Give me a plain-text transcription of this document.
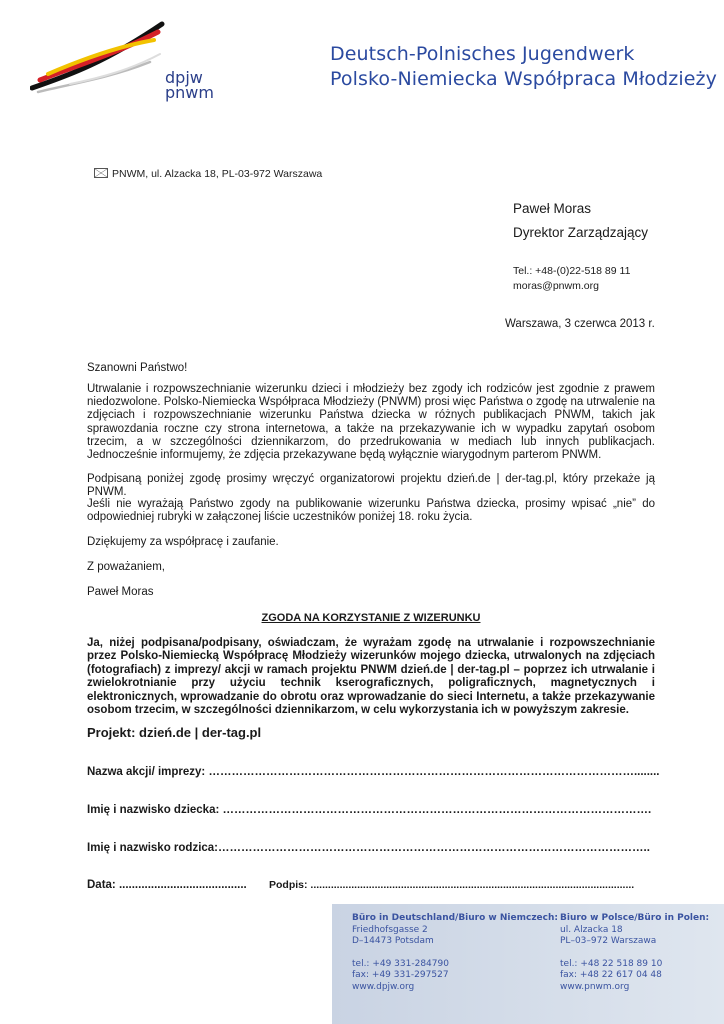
dpjw
pnwm
Deutsch-Polnisches Jugendwerk
Polsko-Niemiecka Współpraca Młodzieży
PNWM, ul. Alzacka 18, PL-03-972 Warszawa
Paweł Moras
Dyrektor Zarządzający
Tel.: +48-(0)22-518 89 11
moras@pnwm.org
Warszawa, 3 czerwca 2013 r.
Szanowni Państwo!
Utrwalanie i rozpowszechnianie wizerunku dzieci i młodzieży bez zgody ich rodziców jest zgodnie z prawem niedozwolone. Polsko-Niemiecka Współpraca Młodzieży (PNWM) prosi więc Państwa o zgodę na utrwalenie na zdjęciach i rozpowszechnianie wizerunku Państwa dziecka w różnych publikacjach PNWM, takich jak sprawozdania roczne czy strona internetowa, a także na przekazywanie ich w wypadku zapytań osobom trzecim, a w szczególności dziennikarzom, do przedrukowania w mediach lub innych publikacjach. Jednocześnie informujemy, że zdjęcia przekazywane będą wyłącznie wiarygodnym parterom PNWM.
Podpisaną poniżej zgodę prosimy wręczyć organizatorowi projektu dzień.de | der-tag.pl, który przekaże ją PNWM.
Jeśli nie wyrażają Państwo zgody na publikowanie wizerunku Państwa dziecka, prosimy wpisać „nie” do odpowiedniej rubryki w załączonej liście uczestników poniżej 18. roku życia.
Dziękujemy za współpracę i zaufanie.
Z poważaniem,
Paweł Moras
ZGODA NA KORZYSTANIE Z WIZERUNKU
Ja, niżej podpisana/podpisany, oświadczam, że wyrażam zgodę na utrwalanie i rozpowszechnianie przez Polsko-Niemiecką Współpracę Młodzieży wizerunków mojego dziecka, utrwalonych na zdjęciach (fotografiach) z imprezy/ akcji w ramach projektu PNWM dzień.de | der-tag.pl – poprzez ich utrwalanie i zwielokrotnianie przy użyciu technik kserograficznych, poligraficznych, magnetycznych i elektronicznych, wprowadzanie do obrotu oraz wprowadzanie do sieci Internetu, a także przekazywanie osobom trzecim, w szczególności dziennikarzom, w celu wykorzystania ich w powyższym zakresie.
Projekt: dzień.de | der-tag.pl
Nazwa akcji/ imprezy: …………………………………………………………………………………………………........
Imię i nazwisko dziecka: ………………………………………………………………………………………………….
Imię i nazwisko rodzica:…………………………………………………………………………………………………..
Data: ........................................ Podpis: ...............................................................................................................
Büro in Deutschland/Biuro w Niemczech:
Friedhofsgasse 2
D–14473 Potsdam
tel.: +49 331-284790
fax: +49 331-297527
www.dpjw.org
Biuro w Polsce/Büro in Polen:
ul. Alzacka 18
PL–03–972 Warszawa
tel.: +48 22 518 89 10
fax: +48 22 617 04 48
www.pnwm.org
